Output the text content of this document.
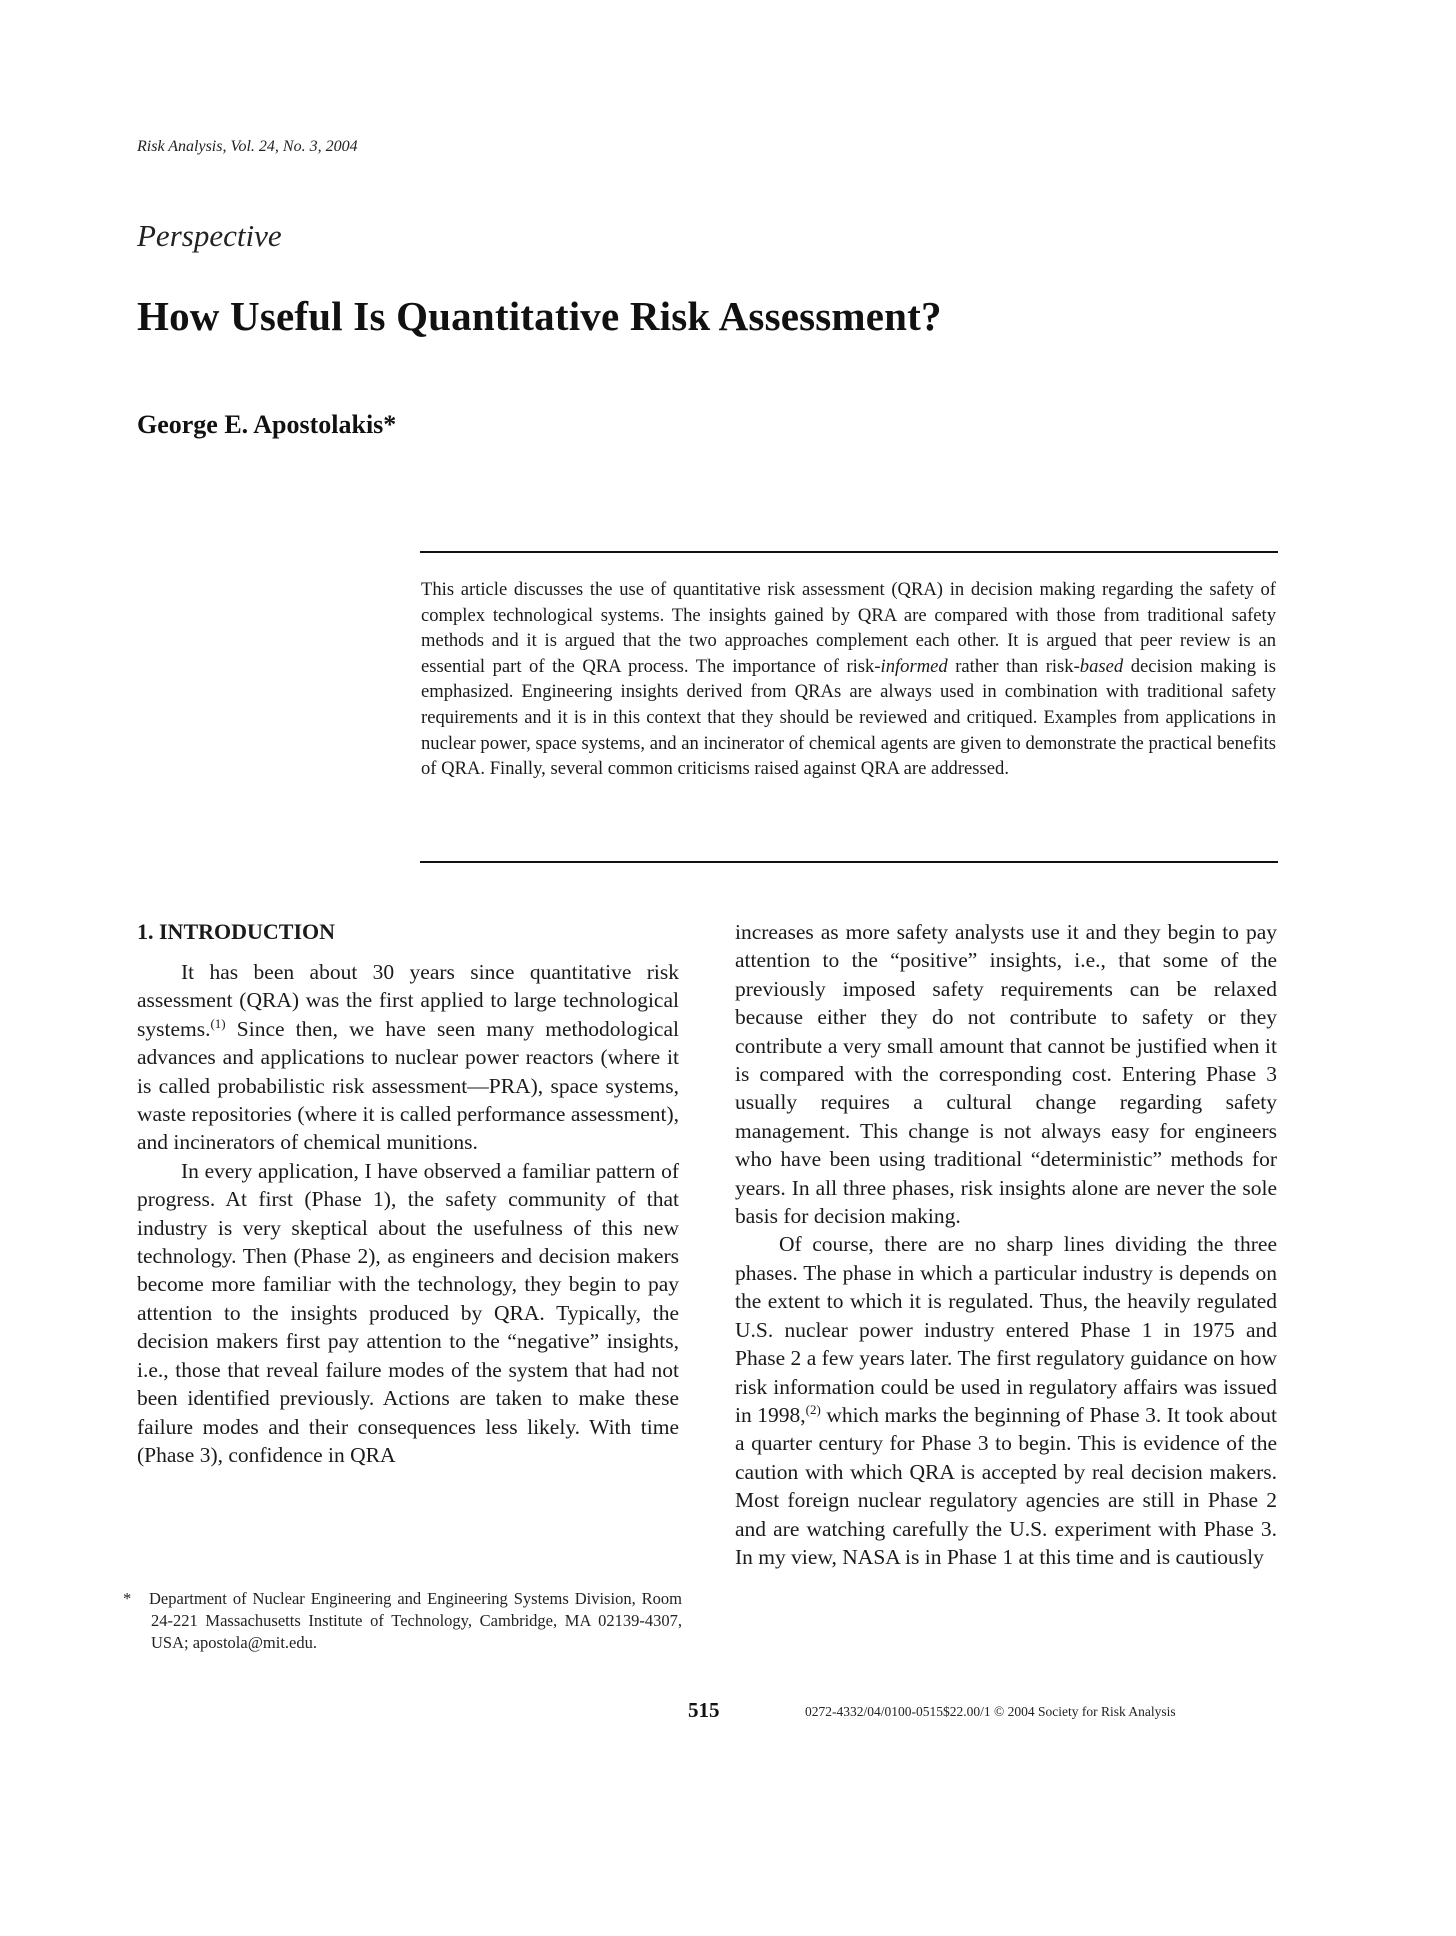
Risk Analysis, Vol. 24, No. 3, 2004
Perspective
How Useful Is Quantitative Risk Assessment?
George E. Apostolakis*
This article discusses the use of quantitative risk assessment (QRA) in decision making regarding the safety of complex technological systems. The insights gained by QRA are compared with those from traditional safety methods and it is argued that the two approaches complement each other. It is argued that peer review is an essential part of the QRA process. The importance of risk-informed rather than risk-based decision making is emphasized. Engineering insights derived from QRAs are always used in combination with traditional safety requirements and it is in this context that they should be reviewed and critiqued. Examples from applications in nuclear power, space systems, and an incinerator of chemical agents are given to demonstrate the practical benefits of QRA. Finally, several common criticisms raised against QRA are addressed.
1. INTRODUCTION

It has been about 30 years since quantitative risk assessment (QRA) was the first applied to large technological systems.$^{(1)}$ Since then, we have seen many methodological advances and applications to nuclear power reactors (where it is called probabilistic risk assessment—PRA), space systems, waste repositories (where it is called performance assessment), and incinerators of chemical munitions.

In every application, I have observed a familiar pattern of progress. At first (Phase 1), the safety community of that industry is very skeptical about the usefulness of this new technology. Then (Phase 2), as engineers and decision makers become more familiar with the technology, they begin to pay attention to the insights produced by QRA. Typically, the decision makers first pay attention to the “negative” insights, i.e., those that reveal failure modes of the system that had not been identified previously. Actions are taken to make these failure modes and their consequences less likely. With time (Phase 3), confidence in QRA

* Department of Nuclear Engineering and Engineering Systems Division, Room 24-221 Massachusetts Institute of Technology, Cambridge, MA 02139-4307, USA; apostola@mit.edu.

increases as more safety analysts use it and they begin to pay attention to the “positive” insights, i.e., that some of the previously imposed safety requirements can be relaxed because either they do not contribute to safety or they contribute a very small amount that cannot be justified when it is compared with the corresponding cost. Entering Phase 3 usually requires a cultural change regarding safety management. This change is not always easy for engineers who have been using traditional “deterministic” methods for years. In all three phases, risk insights alone are never the sole basis for decision making.

Of course, there are no sharp lines dividing the three phases. The phase in which a particular industry is depends on the extent to which it is regulated. Thus, the heavily regulated U.S. nuclear power industry entered Phase 1 in 1975 and Phase 2 a few years later. The first regulatory guidance on how risk information could be used in regulatory affairs was issued in 1998,$^{(2)}$ which marks the beginning of Phase 3. It took about a quarter century for Phase 3 to begin. This is evidence of the caution with which QRA is accepted by real decision makers. Most foreign nuclear regulatory agencies are still in Phase 2 and are watching carefully the U.S. experiment with Phase 3. In my view, NASA is in Phase 1 at this time and is cautiously

515	0272-4332/04/0100-0515$22.00/1 © 2004 Society for Risk Analysis
